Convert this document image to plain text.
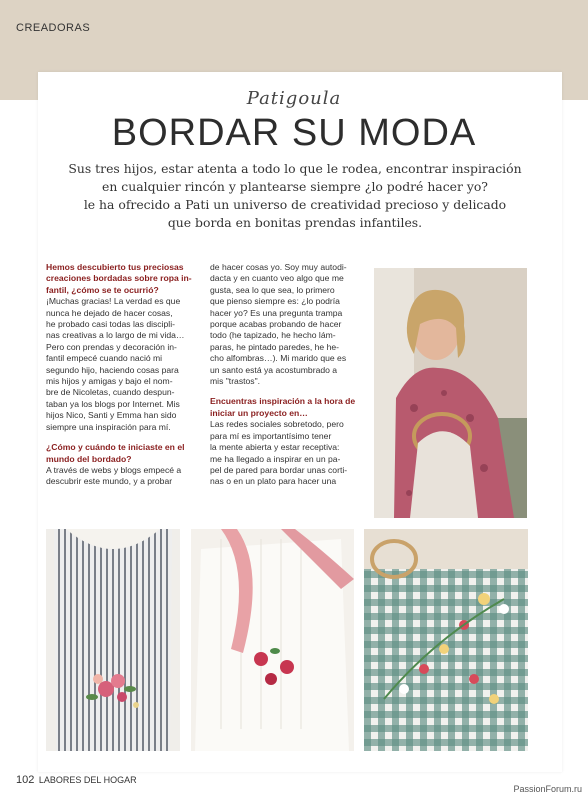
CREADORAS
Patigoula
BORDAR SU MODA
Sus tres hijos, estar atenta a todo lo que le rodea, encontrar inspiración
en cualquier rincón y plantearse siempre ¿lo podré hacer yo?
le ha ofrecido a Pati un universo de creatividad precioso y delicado
que borda en bonitas prendas infantiles.
Hemos descubierto tus preciosas
creaciones bordadas sobre ropa in-
fantil, ¿cómo se te ocurrió?
¡Muchas gracias! La verdad es que
nunca he dejado de hacer cosas,
he probado casi todas las discipli-
nas creativas a lo largo de mi vida…
Pero con prendas y decoración in-
fantil empecé cuando nació mi
segundo hijo, haciendo cosas para
mis hijos y amigas y bajo el nom-
bre de Nicoletas, cuando despun-
taban ya los blogs por Internet. Mis
hijos Nico, Santi y Emma han sido
siempre una inspiración para mí.
¿Cómo y cuándo te iniciaste en el
mundo del bordado?
A través de webs y blogs empecé a
descubrir este mundo, y a probar
de hacer cosas yo. Soy muy autodi-
dacta y en cuanto veo algo que me
gusta, sea lo que sea, lo primero
que pienso siempre es: ¿lo podría
hacer yo? Es una pregunta trampa
porque acabas probando de hacer
todo (he tapizado, he hecho lám-
paras, he pintado paredes, he he-
cho alfombras…). Mi marido que es
un santo está ya acostumbrado a
mis "trastos".
Encuentras inspiración a la hora de
iniciar un proyecto en…
Las redes sociales sobretodo, pero
para mí es importantísimo tener
la mente abierta y estar receptiva:
me ha llegado a inspirar en un pa-
pel de pared para bordar unas corti-
nas o en un plato para hacer una
102 LABORES DEL HOGAR
PassionForum.ru
